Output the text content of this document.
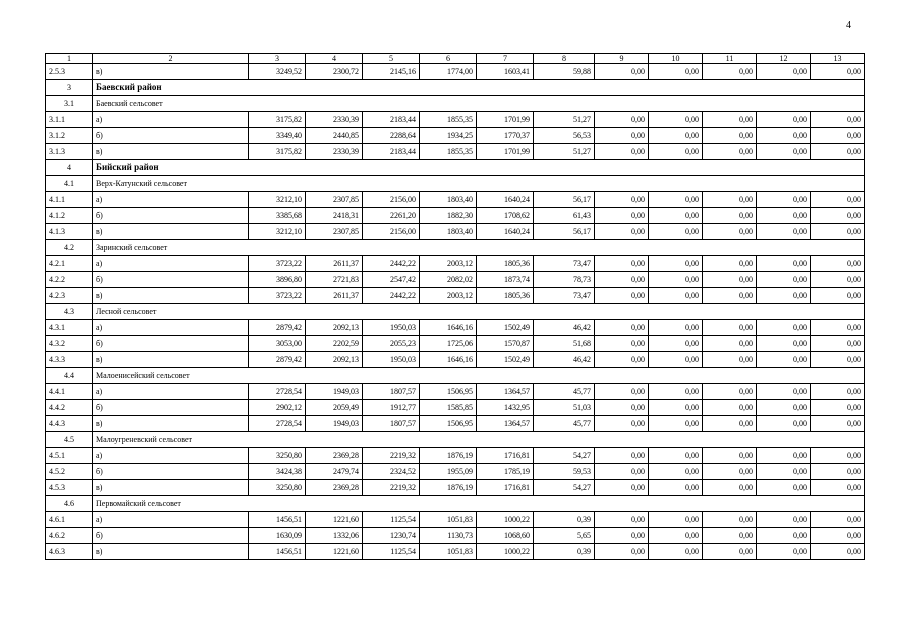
4
1	2	3	4	5	6	7	8	9	10	11	12	13
2.5.3	в)	3249,52	2300,72	2145,16	1774,00	1603,41	59,88	0,00	0,00	0,00	0,00	0,00
3	Баевский район											
3.1	Баевский сельсовет											
3.1.1	а)	3175,82	2330,39	2183,44	1855,35	1701,99	51,27	0,00	0,00	0,00	0,00	0,00
3.1.2	б)	3349,40	2440,85	2288,64	1934,25	1770,37	56,53	0,00	0,00	0,00	0,00	0,00
3.1.3	в)	3175,82	2330,39	2183,44	1855,35	1701,99	51,27	0,00	0,00	0,00	0,00	0,00
4	Бийский район											
4.1	Верх-Катунский сельсовет											
4.1.1	а)	3212,10	2307,85	2156,00	1803,40	1640,24	56,17	0,00	0,00	0,00	0,00	0,00
4.1.2	б)	3385,68	2418,31	2261,20	1882,30	1708,62	61,43	0,00	0,00	0,00	0,00	0,00
4.1.3	в)	3212,10	2307,85	2156,00	1803,40	1640,24	56,17	0,00	0,00	0,00	0,00	0,00
4.2	Заринский сельсовет											
4.2.1	а)	3723,22	2611,37	2442,22	2003,12	1805,36	73,47	0,00	0,00	0,00	0,00	0,00
4.2.2	б)	3896,80	2721,83	2547,42	2082,02	1873,74	78,73	0,00	0,00	0,00	0,00	0,00
4.2.3	в)	3723,22	2611,37	2442,22	2003,12	1805,36	73,47	0,00	0,00	0,00	0,00	0,00
4.3	Лесной сельсовет											
4.3.1	а)	2879,42	2092,13	1950,03	1646,16	1502,49	46,42	0,00	0,00	0,00	0,00	0,00
4.3.2	б)	3053,00	2202,59	2055,23	1725,06	1570,87	51,68	0,00	0,00	0,00	0,00	0,00
4.3.3	в)	2879,42	2092,13	1950,03	1646,16	1502,49	46,42	0,00	0,00	0,00	0,00	0,00
4.4	Малоенисейский сельсовет											
4.4.1	а)	2728,54	1949,03	1807,57	1506,95	1364,57	45,77	0,00	0,00	0,00	0,00	0,00
4.4.2	б)	2902,12	2059,49	1912,77	1585,85	1432,95	51,03	0,00	0,00	0,00	0,00	0,00
4.4.3	в)	2728,54	1949,03	1807,57	1506,95	1364,57	45,77	0,00	0,00	0,00	0,00	0,00
4.5	Малоугреневский сельсовет											
4.5.1	а)	3250,80	2369,28	2219,32	1876,19	1716,81	54,27	0,00	0,00	0,00	0,00	0,00
4.5.2	б)	3424,38	2479,74	2324,52	1955,09	1785,19	59,53	0,00	0,00	0,00	0,00	0,00
4.5.3	в)	3250,80	2369,28	2219,32	1876,19	1716,81	54,27	0,00	0,00	0,00	0,00	0,00
4.6	Первомайский сельсовет											
4.6.1	а)	1456,51	1221,60	1125,54	1051,83	1000,22	0,39	0,00	0,00	0,00	0,00	0,00
4.6.2	б)	1630,09	1332,06	1230,74	1130,73	1068,60	5,65	0,00	0,00	0,00	0,00	0,00
4.6.3	в)	1456,51	1221,60	1125,54	1051,83	1000,22	0,39	0,00	0,00	0,00	0,00	0,00
